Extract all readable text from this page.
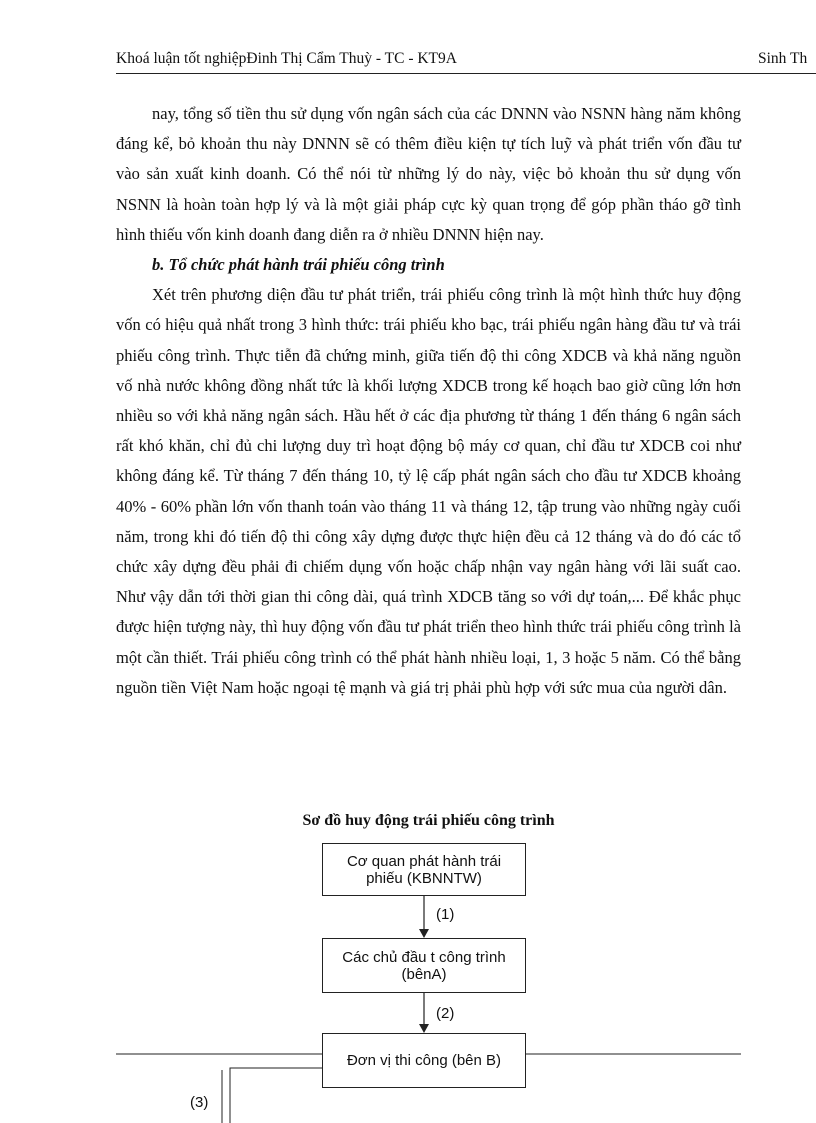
Khoá luận tốt nghiệpĐinh Thị Cẩm Thuỳ - TC - KT9A	Sinh Th

nay, tổng số tiền thu sử dụng vốn ngân sách của các DNNN vào NSNN hàng năm không đáng kể, bỏ khoản thu này DNNN sẽ có thêm điều kiện tự tích luỹ và phát triển vốn đầu tư vào sản xuất kinh doanh. Có thể nói từ những lý do này, việc bỏ khoản thu sử dụng vốn NSNN là hoàn toàn hợp lý và là một giải pháp cực kỳ quan trọng để góp phần tháo gỡ tình hình thiếu vốn kinh doanh đang diễn ra ở nhiều DNNN hiện nay.

b. Tổ chức phát hành trái phiếu công trình

Xét trên phương diện đầu tư phát triển, trái phiếu công trình là một hình thức huy động vốn có hiệu quả nhất trong 3 hình thức: trái phiếu kho bạc, trái phiếu ngân hàng đầu tư và trái phiếu công trình. Thực tiễn đã chứng minh, giữa tiến độ thi công XDCB và khả năng nguồn vố nhà nước không đồng nhất tức là khối lượng XDCB trong kế hoạch bao giờ cũng lớn hơn nhiều so với khả năng ngân sách. Hầu hết ở các địa phương từ tháng 1 đến tháng 6 ngân sách rất khó khăn, chỉ đủ chi lượng duy trì hoạt động bộ máy cơ quan, chỉ đầu tư XDCB coi như không đáng kể. Từ tháng 7 đến tháng 10, tỷ lệ cấp phát ngân sách cho đầu tư XDCB khoảng 40% - 60% phần lớn vốn thanh toán vào tháng 11 và tháng 12, tập trung vào những ngày cuối năm, trong khi đó tiến độ thi công xây dựng được thực hiện đều cả 12 tháng và do đó các tổ chức xây dựng đều phải đi chiếm dụng vốn hoặc chấp nhận vay ngân hàng với lãi suất cao. Như vậy dẫn tới thời gian thi công dài, quá trình XDCB tăng so với dự toán,... Để khắc phục được hiện tượng này, thì huy động vốn đầu tư phát triển theo hình thức trái phiếu công trình là một cần thiết. Trái phiếu công trình có thể phát hành nhiều loại, 1, 3 hoặc 5 năm. Có thể bằng nguồn tiền Việt Nam hoặc ngoại tệ mạnh và giá trị phải phù hợp với sức mua của người dân.

Sơ đồ huy động trái phiếu công trình
Cơ quan phát hành trái phiếu (KBNNTW)
Các chủ đầu t công trình (bênA)
Đơn vị thi công (bên B)
(1)
(2)
(3)
